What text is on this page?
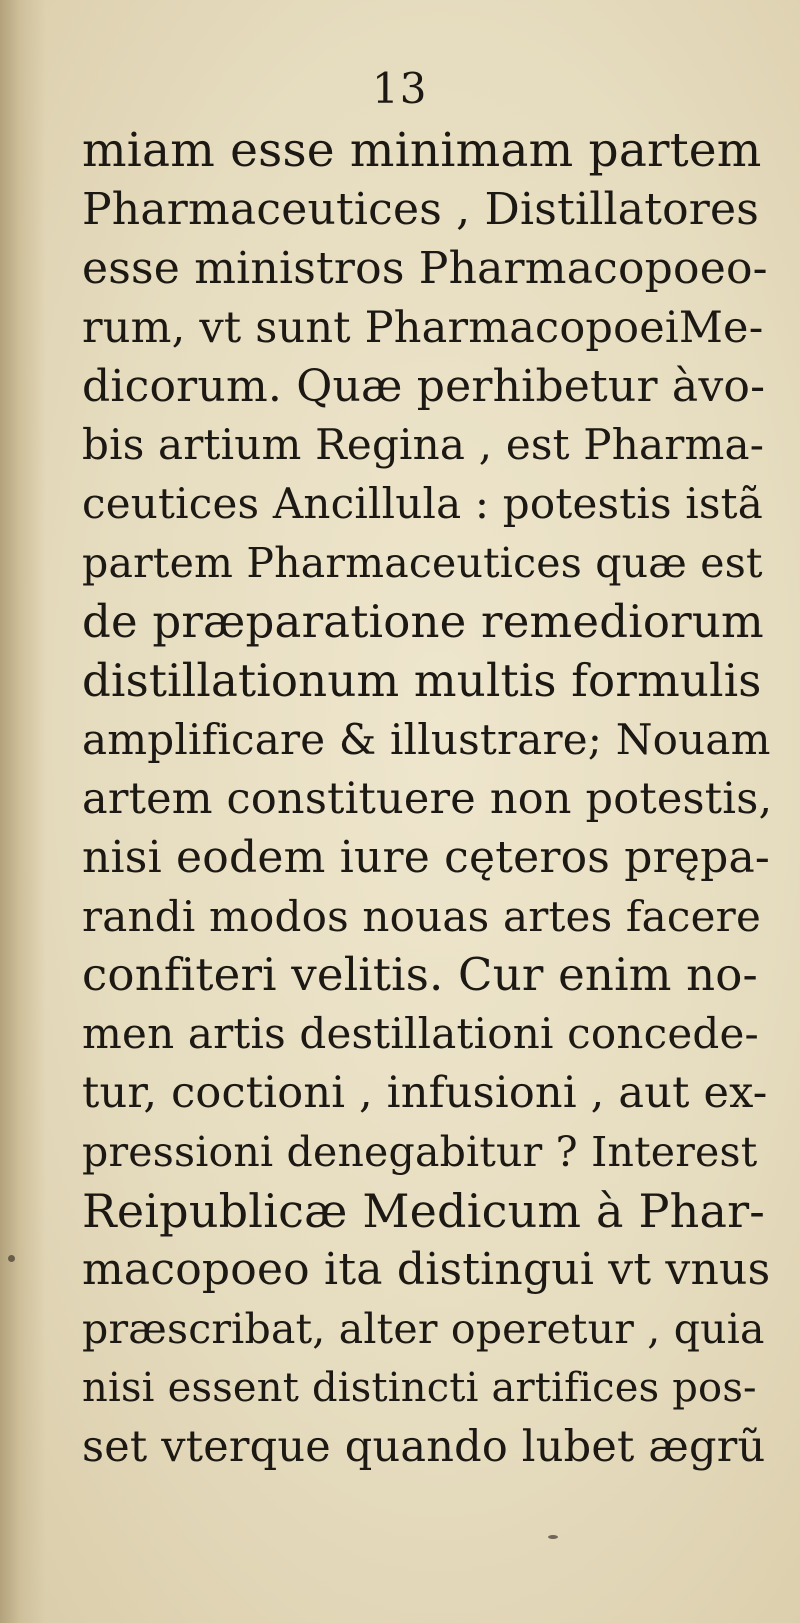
13
miam esse minimam partem
Pharmaceutices , Distillatores
esse ministros Pharmacopoeo-
rum, vt sunt PharmacopoeiMe-
dicorum. Quæ perhibetur àvo-
bis artium Regina , est Pharma-
ceutices Ancillula : potestis istã
partem Pharmaceutices quæ est
de præparatione remediorum
distillationum multis formulis
amplificare & illustrare; Nouam
artem constituere non potestis,
nisi eodem iure cęteros prępa-
randi modos nouas artes facere
confiteri velitis. Cur enim no-
men artis destillationi concede-
tur, coctioni , infusioni , aut ex-
pressioni denegabitur ? Interest
Reipublicæ Medicum à Phar-
macopoeo ita distingui vt vnus
præscribat, alter operetur , quia
nisi essent distincti artifices pos-
set vterque quando lubet ægrũ
